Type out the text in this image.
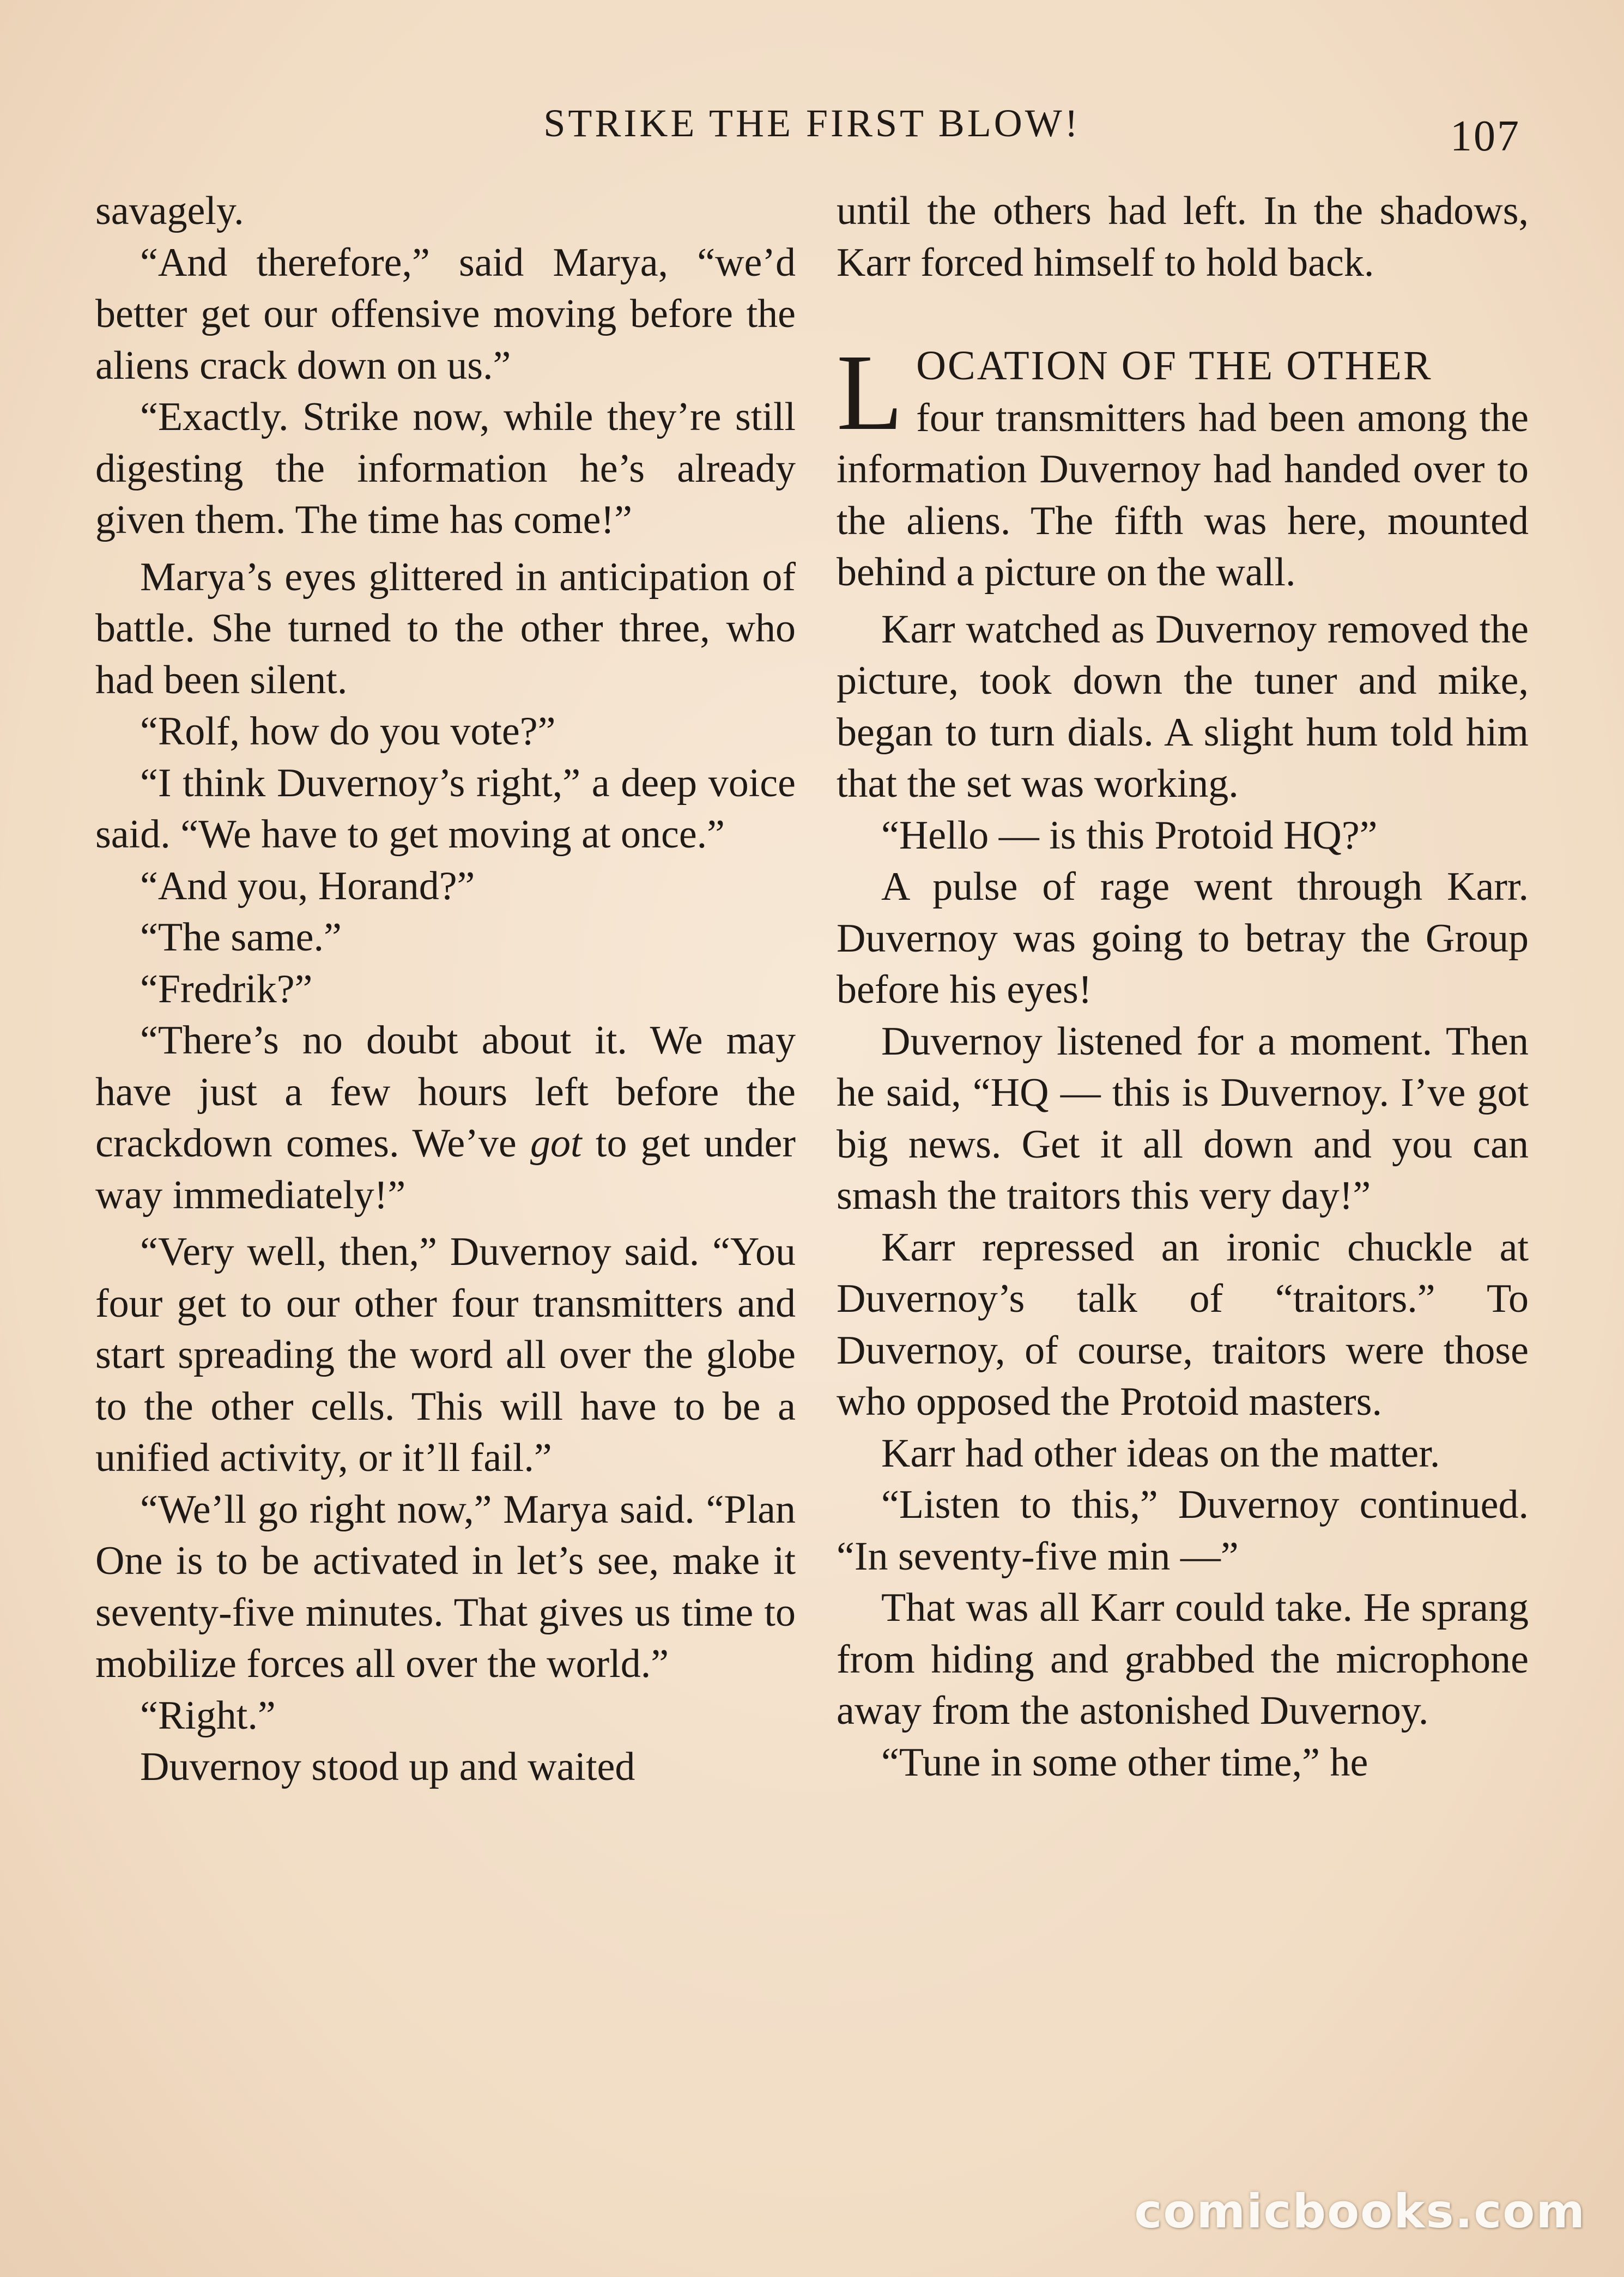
STRIKE THE FIRST BLOW!	107

savagely.

“And therefore,” said Marya, “we’d better get our offensive moving before the aliens crack down on us.”

“Exactly. Strike now, while they’re still digesting the information he’s already given them. The time has come!”

Marya’s eyes glittered in anticipation of battle. She turned to the other three, who had been silent.

“Rolf, how do you vote?”

“I think Duvernoy’s right,” a deep voice said. “We have to get moving at once.”

“And you, Horand?”

“The same.”

“Fredrik?”

“There’s no doubt about it. We may have just a few hours left before the crackdown comes. We’ve got to get under way immediately!”

“Very well, then,” Duvernoy said. “You four get to our other four transmitters and start spreading the word all over the globe to the other cells. This will have to be a unified activity, or it’ll fail.”

“We’ll go right now,” Marya said. “Plan One is to be activated in let’s see, make it seventy-five minutes. That gives us time to mobilize forces all over the world.”

“Right.”

Duvernoy stood up and waited

until the others had left. In the shadows, Karr forced himself to hold back.

LOCATION OF THE OTHER
four transmitters had been among the information Duvernoy had handed over to the aliens. The fifth was here, mounted behind a picture on the wall.

Karr watched as Duvernoy removed the picture, took down the tuner and mike, began to turn dials. A slight hum told him that the set was working.

“Hello — is this Protoid HQ?”

A pulse of rage went through Karr. Duvernoy was going to betray the Group before his eyes!

Duvernoy listened for a moment. Then he said, “HQ — this is Duvernoy. I’ve got big news. Get it all down and you can smash the traitors this very day!”

Karr repressed an ironic chuckle at Duvernoy’s talk of “traitors.” To Duvernoy, of course, traitors were those who opposed the Protoid masters.

Karr had other ideas on the matter.

“Listen to this,” Duvernoy continued. “In seventy-five min —”

That was all Karr could take. He sprang from hiding and grabbed the microphone away from the astonished Duvernoy.

“Tune in some other time,” he

comicbooks.com
